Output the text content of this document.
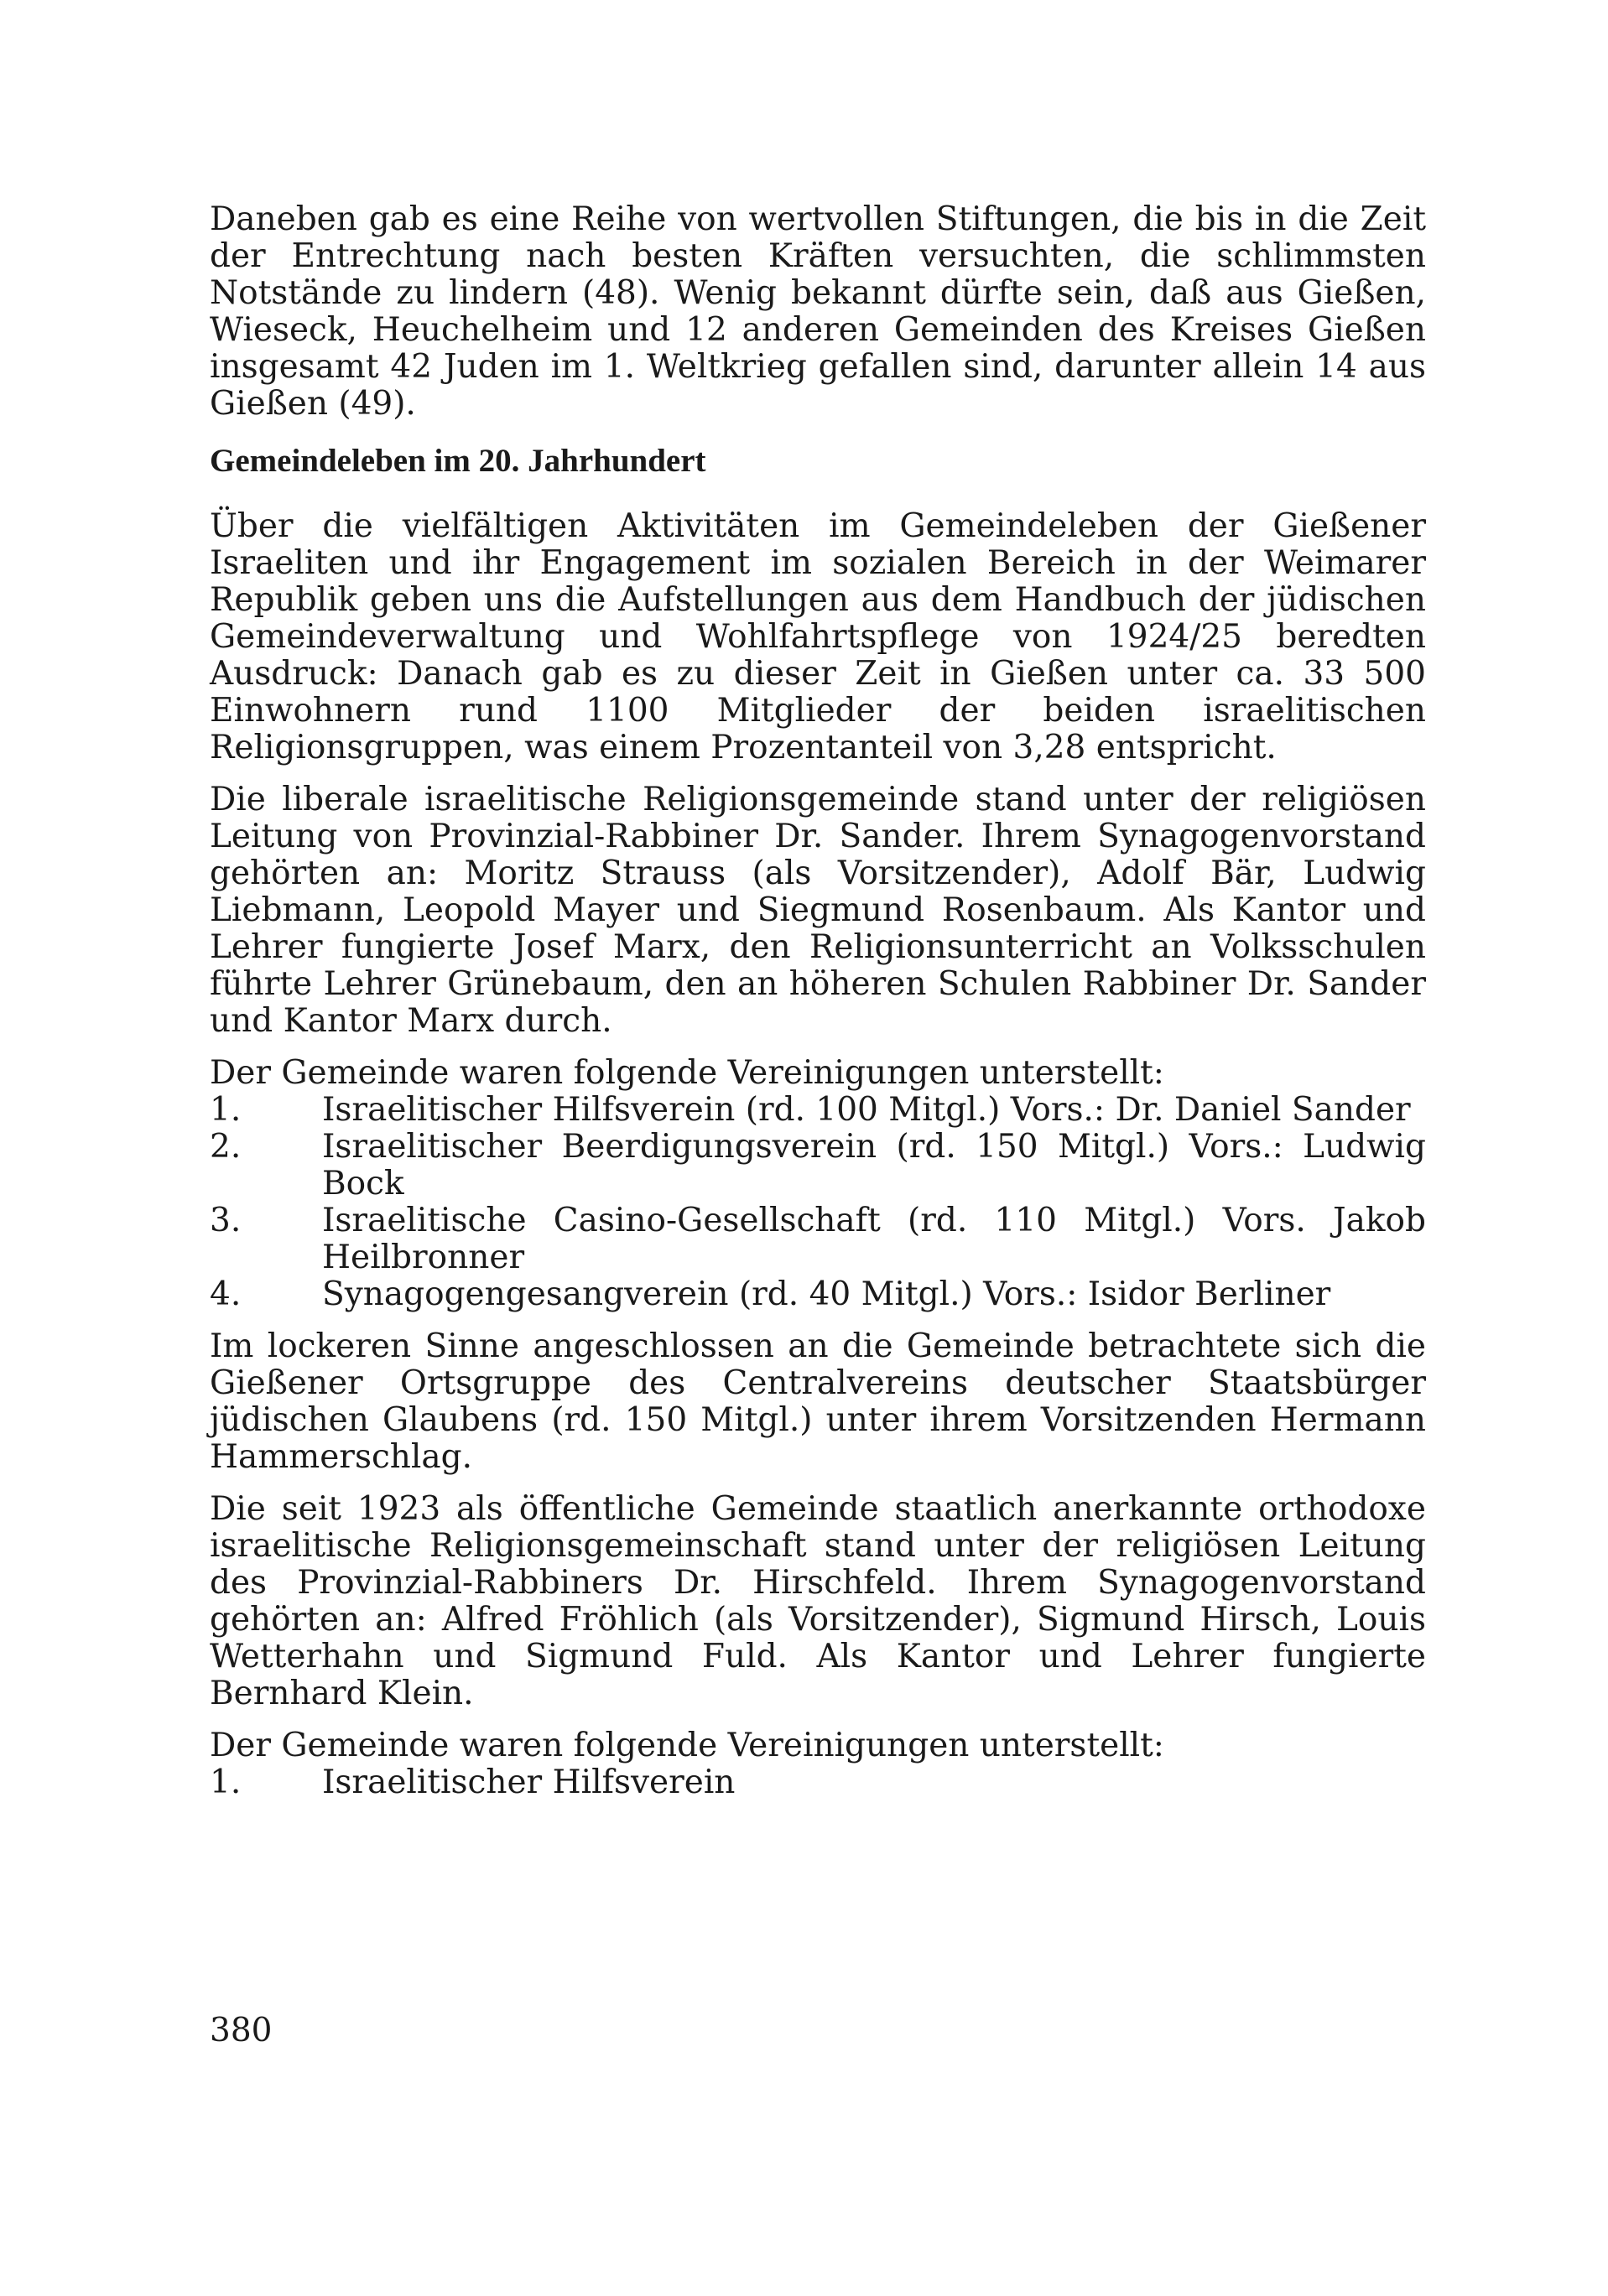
Daneben gab es eine Reihe von wertvollen Stiftungen, die bis in die Zeit der Entrechtung nach besten Kräften versuchten, die schlimmsten Notstände zu lindern (48). Wenig bekannt dürfte sein, daß aus Gießen, Wieseck, Heuchelheim und 12 anderen Gemeinden des Kreises Gießen insgesamt 42 Juden im 1. Weltkrieg gefallen sind, darunter allein 14 aus Gießen (49).

Gemeindeleben im 20. Jahrhundert

Über die vielfältigen Aktivitäten im Gemeindeleben der Gießener Israeliten und ihr Engagement im sozialen Bereich in der Weimarer Republik geben uns die Aufstellungen aus dem Handbuch der jüdischen Gemeindeverwaltung und Wohlfahrtspflege von 1924/25 beredten Ausdruck: Danach gab es zu dieser Zeit in Gießen unter ca. 33 500 Einwohnern rund 1100 Mitglieder der beiden israelitischen Religionsgruppen, was einem Prozentanteil von 3,28 entspricht.

Die liberale israelitische Religionsgemeinde stand unter der religiösen Leitung von Provinzial-Rabbiner Dr. Sander. Ihrem Synagogenvorstand gehörten an: Moritz Strauss (als Vorsitzender), Adolf Bär, Ludwig Liebmann, Leopold Mayer und Siegmund Rosenbaum. Als Kantor und Lehrer fungierte Josef Marx, den Religionsunterricht an Volksschulen führte Lehrer Grünebaum, den an höheren Schulen Rabbiner Dr. Sander und Kantor Marx durch.

Der Gemeinde waren folgende Vereinigungen unterstellt:

1.	Israelitischer Hilfsverein (rd. 100 Mitgl.) Vors.: Dr. Daniel Sander
2.	Israelitischer Beerdigungsverein (rd. 150 Mitgl.) Vors.: Ludwig Bock
3.	Israelitische Casino-Gesellschaft (rd. 110 Mitgl.) Vors. Jakob Heilbronner
4.	Synagogengesangverein (rd. 40 Mitgl.) Vors.: Isidor Berliner

Im lockeren Sinne angeschlossen an die Gemeinde betrachtete sich die Gießener Ortsgruppe des Centralvereins deutscher Staatsbürger jüdischen Glaubens (rd. 150 Mitgl.) unter ihrem Vorsitzenden Hermann Hammerschlag.

Die seit 1923 als öffentliche Gemeinde staatlich anerkannte orthodoxe israelitische Religionsgemeinschaft stand unter der religiösen Leitung des Provinzial-Rabbiners Dr. Hirschfeld. Ihrem Synagogenvorstand gehörten an: Alfred Fröhlich (als Vorsitzender), Sigmund Hirsch, Louis Wetterhahn und Sigmund Fuld. Als Kantor und Lehrer fungierte Bernhard Klein.

Der Gemeinde waren folgende Vereinigungen unterstellt:

1.	Israelitischer Hilfsverein
380
